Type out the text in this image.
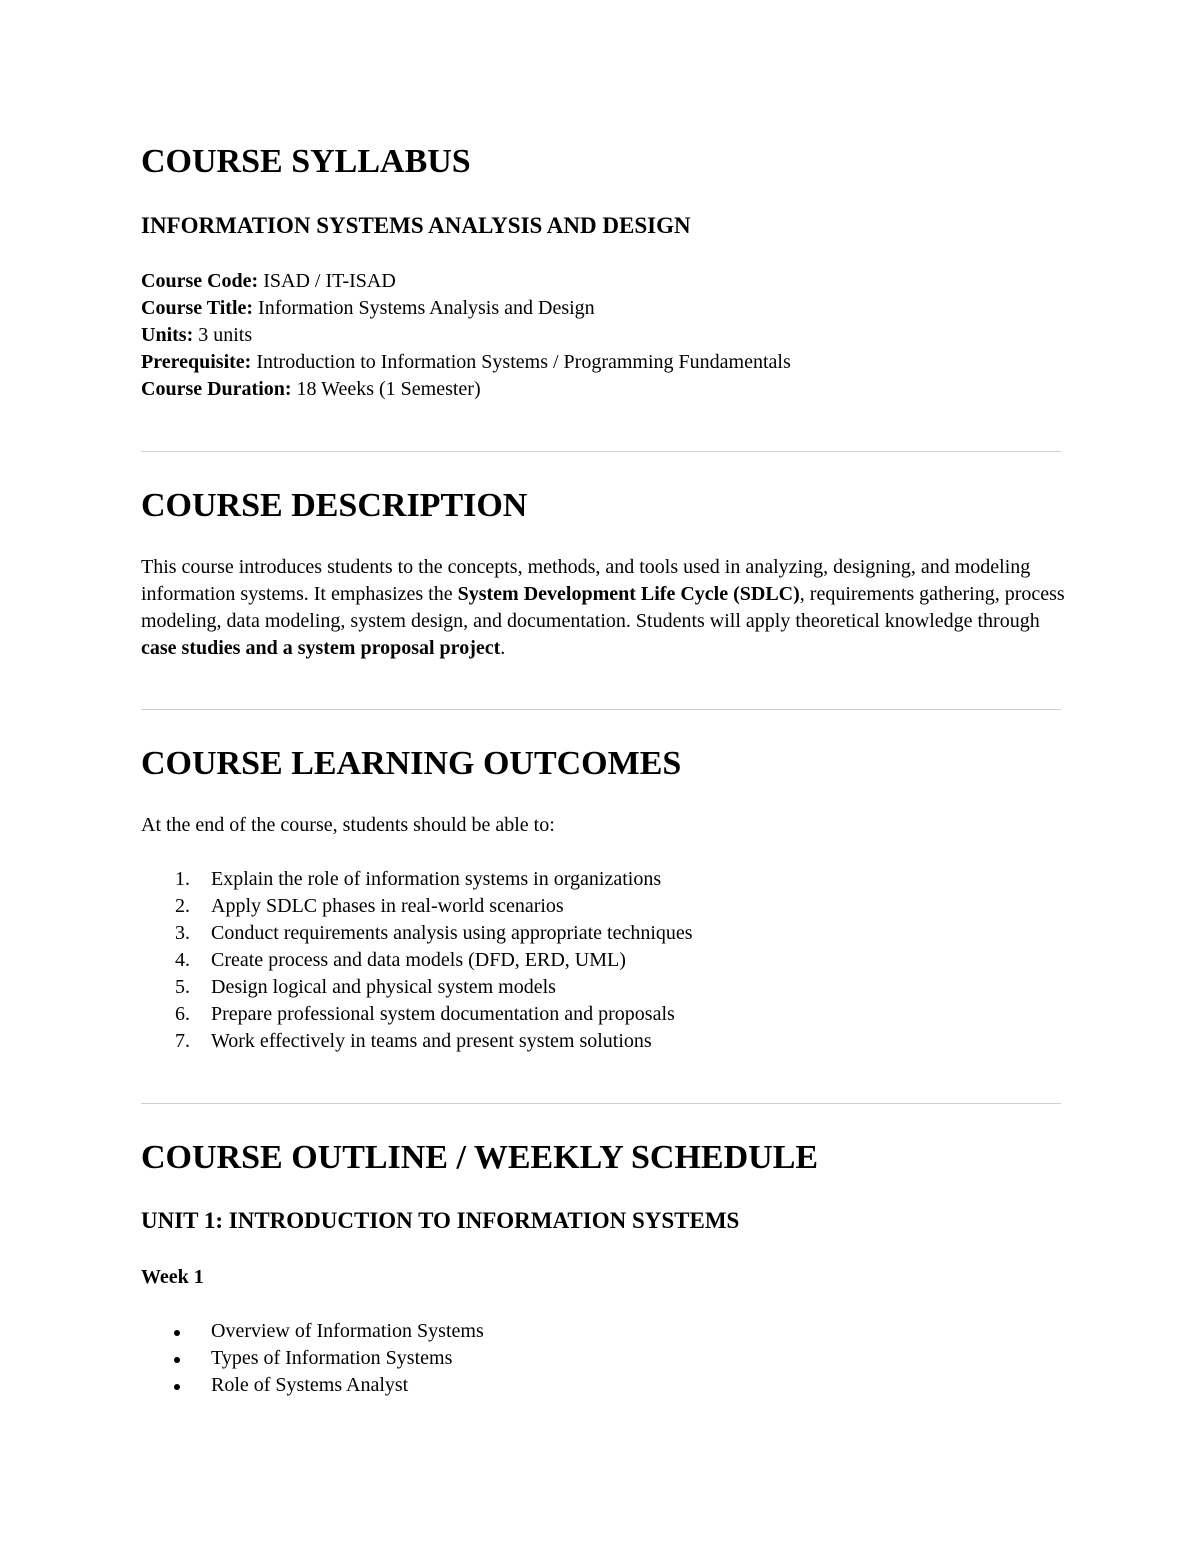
COURSE SYLLABUS
INFORMATION SYSTEMS ANALYSIS AND DESIGN
Course Code: ISAD / IT-ISAD
Course Title: Information Systems Analysis and Design
Units: 3 units
Prerequisite: Introduction to Information Systems / Programming Fundamentals
Course Duration: 18 Weeks (1 Semester)
COURSE DESCRIPTION

This course introduces students to the concepts, methods, and tools used in analyzing, designing, and modeling information systems. It emphasizes the System Development Life Cycle (SDLC), requirements gathering, process modeling, data modeling, system design, and documentation. Students will apply theoretical knowledge through case studies and a system proposal project.

COURSE LEARNING OUTCOMES

At the end of the course, students should be able to:

1. Explain the role of information systems in organizations
2. Apply SDLC phases in real-world scenarios
3. Conduct requirements analysis using appropriate techniques
4. Create process and data models (DFD, ERD, UML)
5. Design logical and physical system models
6. Prepare professional system documentation and proposals
7. Work effectively in teams and present system solutions
COURSE OUTLINE / WEEKLY SCHEDULE
UNIT 1: INTRODUCTION TO INFORMATION SYSTEMS
Week 1
Overview of Information Systems
Types of Information Systems
Role of Systems Analyst
